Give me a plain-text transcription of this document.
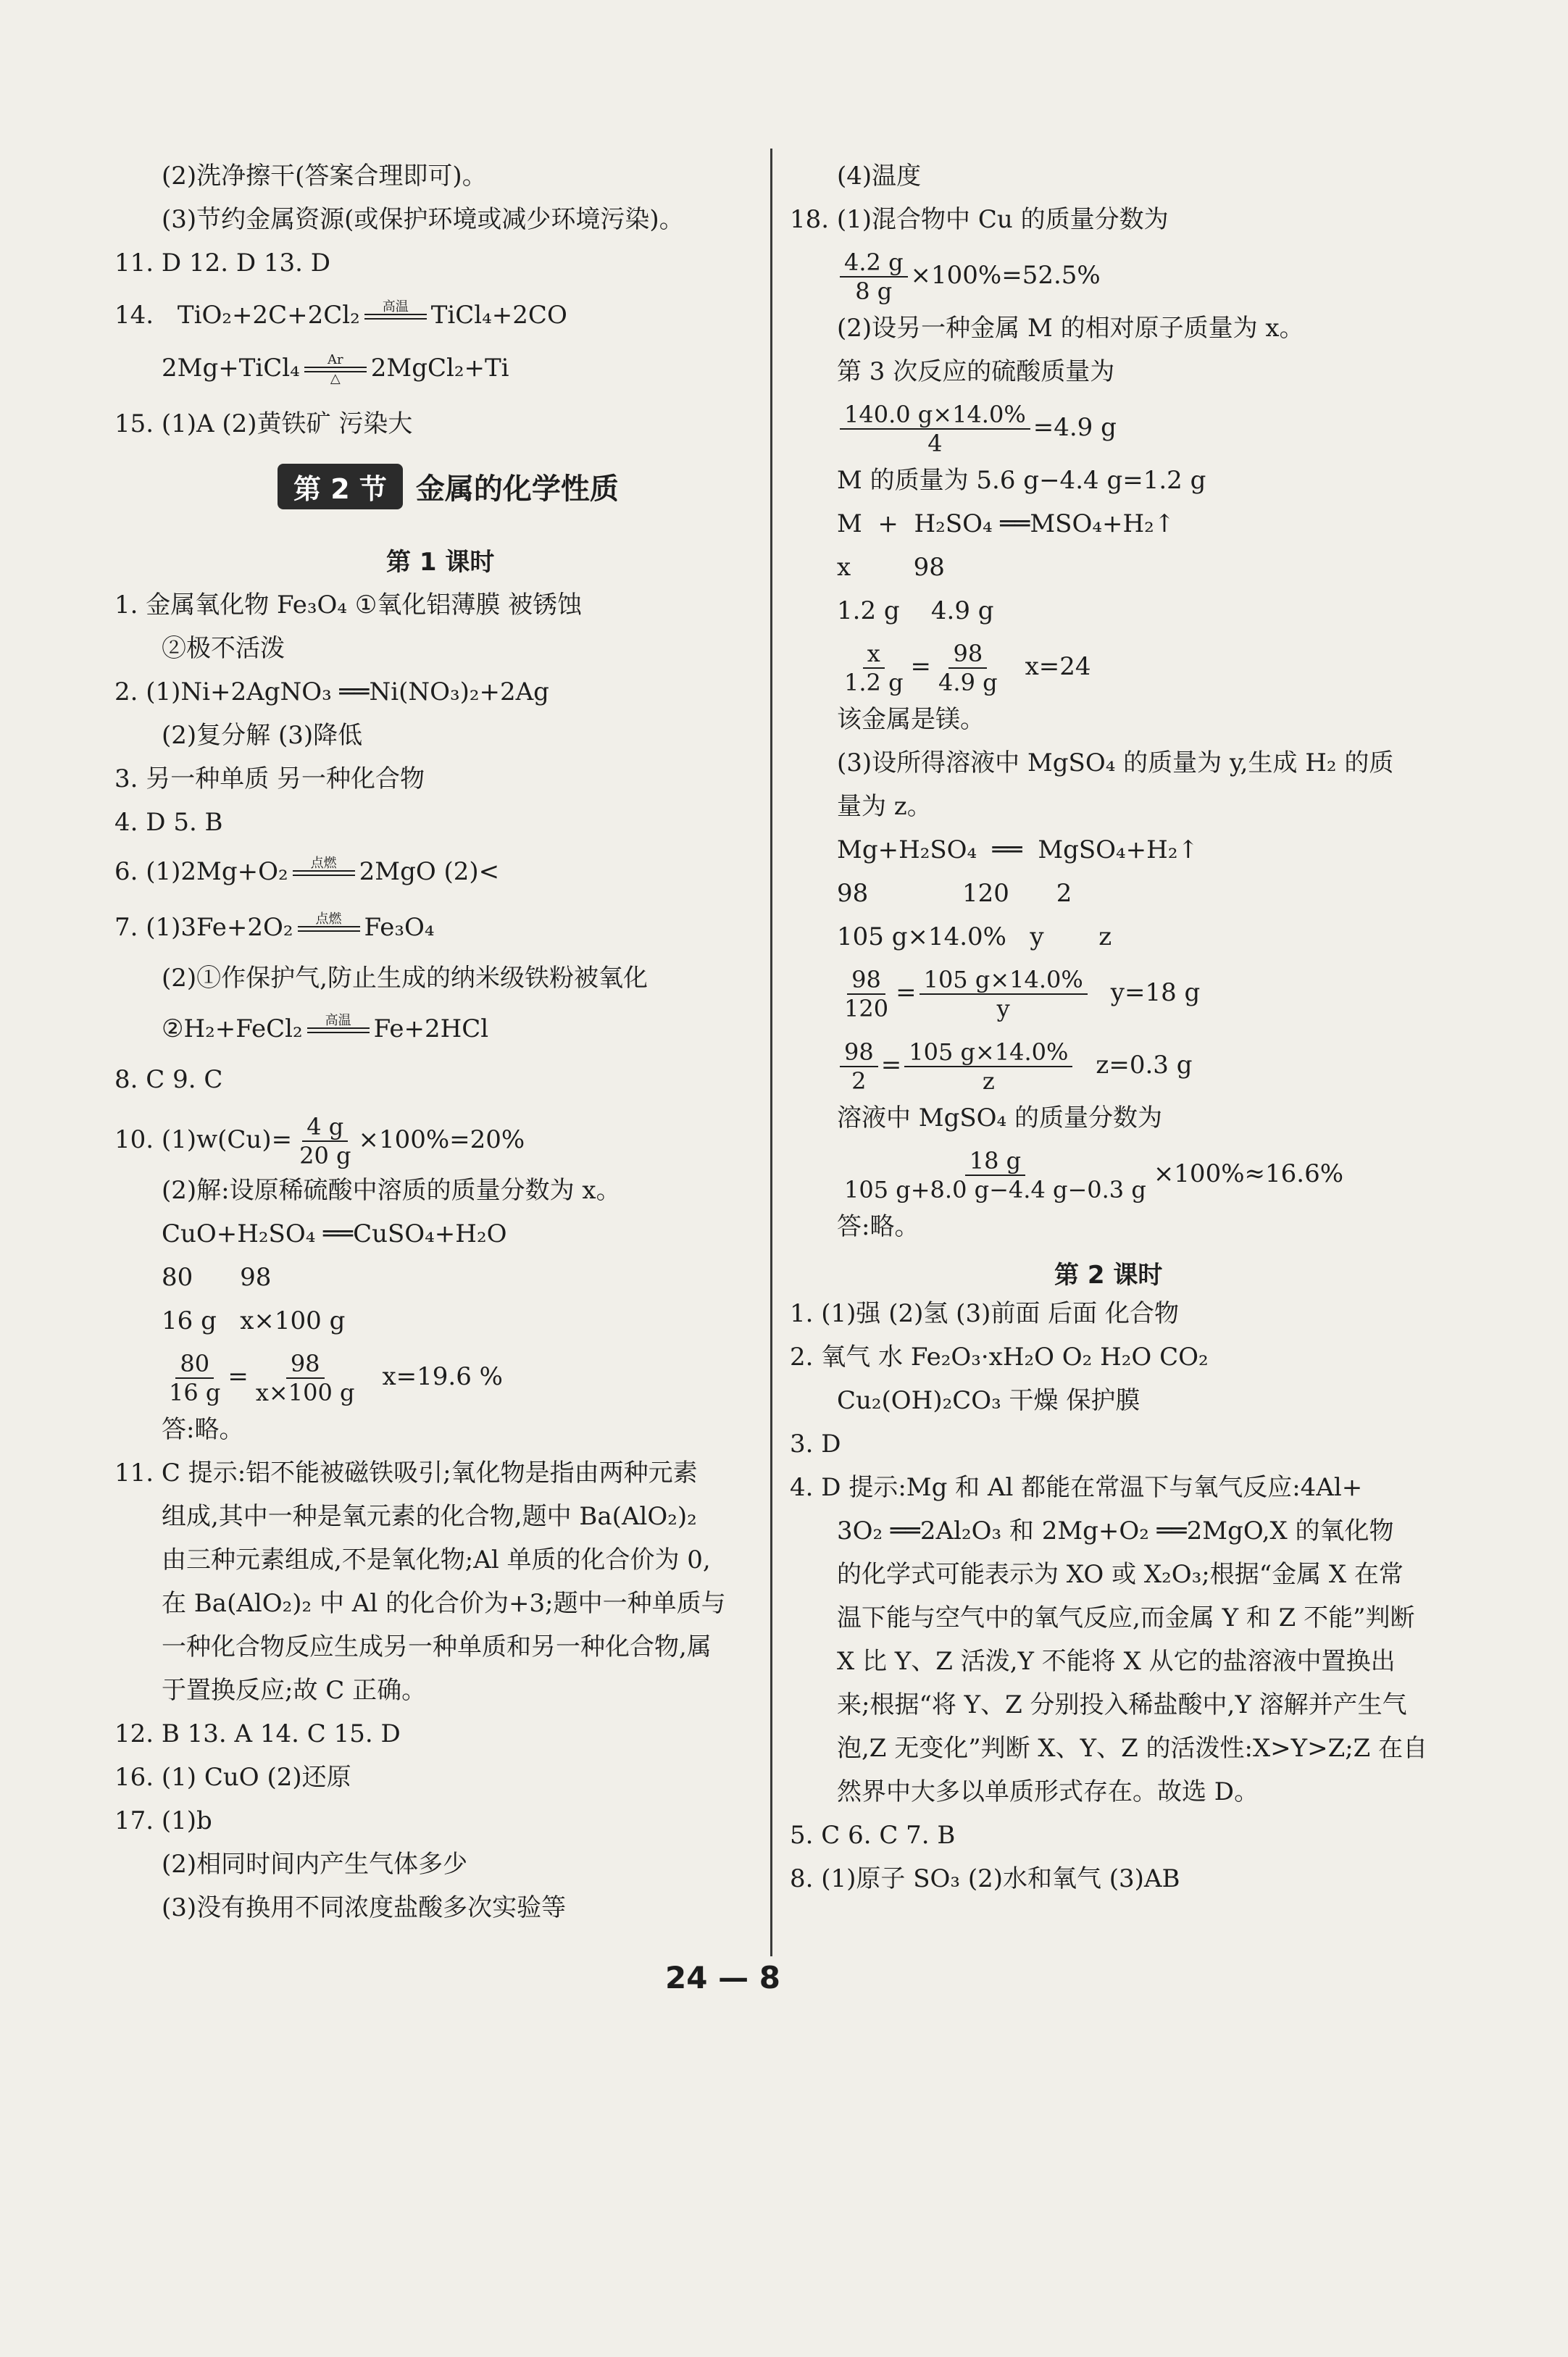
(2)洗净擦干(答案合理即可)。
(3)节约金属资源(或保护环境或减少环境污染)。
11. D 12. D 13. D
14. TiO₂+2C+2Cl₂ 高温
TiCl₄+2CO
2Mg+TiCl₄ Ar
△ 2MgCl₂+Ti
15. (1)A (2)黄铁矿 污染大
第 2 节 金属的化学性质
第 1 课时
1. 金属氧化物 Fe₃O₄ ①氧化铝薄膜 被锈蚀
②极不活泼
2. (1)Ni+2AgNO₃ ══Ni(NO₃)₂+2Ag
(2)复分解 (3)降低
3. 另一种单质 另一种化合物
4. D 5. B
6. (1)2Mg+O₂ 点燃
2MgO (2)<
7. (1)3Fe+2O₂ 点燃
Fe₃O₄
(2)①作保护气,防止生成的纳米级铁粉被氧化
②H₂+FeCl₂ 高温
Fe+2HCl
8. C 9. C
10. $(1)w(Cu)= \frac{4 g}{20 g} \times 100\%=20\%$
(2)解:设原稀硫酸中溶质的质量分数为 x。
CuO+H₂SO₄ ══CuSO₄+H₂O
80      98
16 g   x×100 g
$\frac{80}{16 g} = \frac{98}{x\times 100 g} x=19.6$ %
答:略。
11. C 提示:铝不能被磁铁吸引;氧化物是指由两种元素
组成,其中一种是氧元素的化合物,题中 Ba(AlO₂)₂
由三种元素组成,不是氧化物;Al 单质的化合价为 0,
在 Ba(AlO₂)₂ 中 Al 的化合价为+3;题中一种单质与
一种化合物反应生成另一种单质和另一种化合物,属
于置换反应;故 C 正确。
12. B 13. A 14. C 15. D
16. (1) CuO (2)还原
17. (1)b
(2)相同时间内产生气体多少
(3)没有换用不同浓度盐酸多次实验等
(4)温度
18. (1)混合物中 Cu 的质量分数为
$\frac{4.2 g}{8 g} \times 100\%=52.5\%$
(2)设另一种金属 M 的相对原子质量为 x。
第 3 次反应的硫酸质量为
$\frac{140.0 g\times 14.0\%}{4} =4.9$ g
M 的质量为 5.6 g−4.4 g=1.2 g
M  +  H₂SO₄ ══MSO₄+H₂↑
x        98
1.2 g    4.9 g
$\frac{x}{1.2 g} = \frac{98}{4.9 g} x=24$
该金属是镁。
(3)设所得溶液中 MgSO₄ 的质量为 y,生成 H₂ 的质
量为 z。
Mg+H₂SO₄  ══  MgSO₄+H₂↑
98            120      2
105 g×14.0%   y       z
$\frac{98}{120} = \frac{105 g\times 14.0\%}{y} y=18$ g
$\frac{98}{2} = \frac{105 g\times 14.0\%}{z} z=0.3$ g
溶液中 MgSO₄ 的质量分数为
$\frac{18 g}{105 g+8.0 g-4.4 g-0.3 g} \times 100\%\approx 16.6\%$
答:略。
第 2 课时
1. (1)强 (2)氢 (3)前面 后面 化合物
2. 氧气 水 Fe₂O₃·xH₂O O₂ H₂O CO₂
Cu₂(OH)₂CO₃ 干燥 保护膜
3. D
4. D 提示:Mg 和 Al 都能在常温下与氧气反应:4Al+
3O₂ ══2Al₂O₃ 和 2Mg+O₂ ══2MgO,X 的氧化物
的化学式可能表示为 XO 或 X₂O₃;根据“金属 X 在常
温下能与空气中的氧气反应,而金属 Y 和 Z 不能”判断
X 比 Y、Z 活泼,Y 不能将 X 从它的盐溶液中置换出
来;根据“将 Y、Z 分别投入稀盐酸中,Y 溶解并产生气
泡,Z 无变化”判断 X、Y、Z 的活泼性:X>Y>Z;Z 在自
然界中大多以单质形式存在。故选 D。
5. C 6. C 7. B
8. (1)原子 SO₃ (2)水和氧气 (3)AB
24 — 8
